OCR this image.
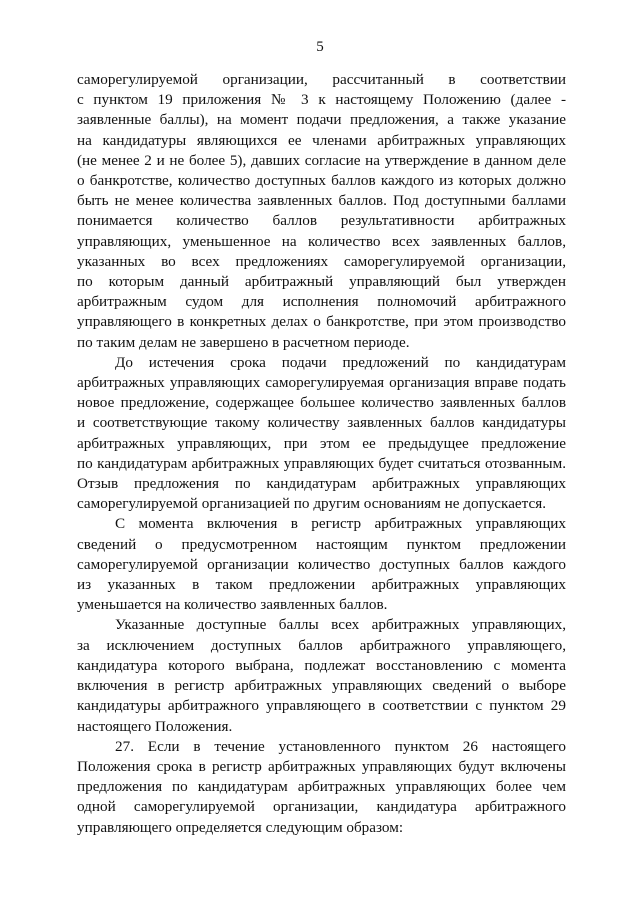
5
саморегулируемой организации, рассчитанный в соответствии
с пунктом 19 приложения № 3 к настоящему Положению (далее -
заявленные баллы), на момент подачи предложения, а также указание
на кандидатуры являющихся ее членами арбитражных управляющих
(не менее 2 и не более 5), давших согласие на утверждение в данном деле
о банкротстве, количество доступных баллов каждого из которых должно
быть не менее количества заявленных баллов. Под доступными баллами
понимается количество баллов результативности арбитражных
управляющих, уменьшенное на количество всех заявленных баллов,
указанных во всех предложениях саморегулируемой организации,
по которым данный арбитражный управляющий был утвержден
арбитражным судом для исполнения полномочий арбитражного
управляющего в конкретных делах о банкротстве, при этом производство
по таким делам не завершено в расчетном периоде.
До истечения срока подачи предложений по кандидатурам
арбитражных управляющих саморегулируемая организация вправе подать
новое предложение, содержащее большее количество заявленных баллов
и соответствующие такому количеству заявленных баллов кандидатуры
арбитражных управляющих, при этом ее предыдущее предложение
по кандидатурам арбитражных управляющих будет считаться отозванным.
Отзыв предложения по кандидатурам арбитражных управляющих
саморегулируемой организацией по другим основаниям не допускается.
С момента включения в регистр арбитражных управляющих
сведений о предусмотренном настоящим пунктом предложении
саморегулируемой организации количество доступных баллов каждого
из указанных в таком предложении арбитражных управляющих
уменьшается на количество заявленных баллов.
Указанные доступные баллы всех арбитражных управляющих,
за исключением доступных баллов арбитражного управляющего,
кандидатура которого выбрана, подлежат восстановлению с момента
включения в регистр арбитражных управляющих сведений о выборе
кандидатуры арбитражного управляющего в соответствии с пунктом 29
настоящего Положения.
27. Если в течение установленного пунктом 26 настоящего
Положения срока в регистр арбитражных управляющих будут включены
предложения по кандидатурам арбитражных управляющих более чем
одной саморегулируемой организации, кандидатура арбитражного
управляющего определяется следующим образом:
